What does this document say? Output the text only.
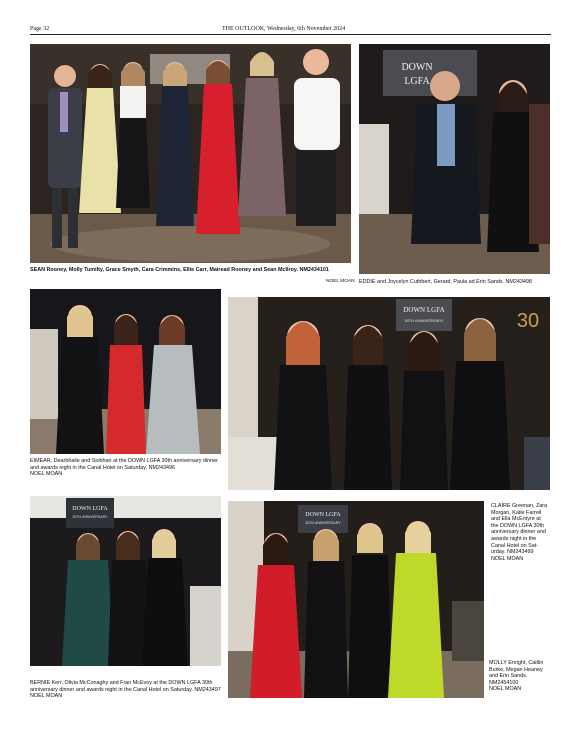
Page 32	THE OUTLOOK, Wednesday, 6th November 2024
SEAN Rooney, Molly Tumilty, Grace Smyth, Cara Crimmins, Ellie Carr, Mairead Rooney and Sean McIlroy. NM2434101
NOEL MOAN
DOWN
LGFA
EDDIE and Joycelyn Cuthbert, Gerard, Paula ad Erin Sands. NM243498
EIMEAR, Dearbhaile and Siobhan at the DOWN LGFA 30th anniversary dinner and awards night in the Canal Hotel on Saturday. NM243496
NOEL MOAN
DOWN LGFA
30TH ANNIVERSARY	30
DOWN LGFA
30TH ANNIVERSARY
BERNIE Kerr, Olivia McConaghy and Fran McEvoy at the DOWN LGFA 30th anniversary dinner and awards night in the Canal Hotel on Saturday. NM243497
NOEL MOAN
DOWN LGFA
30TH ANNIVERSARY
CLAIRE Greenan, Zara
Morgan, Katie Farrell
and Ella McEntyre at
the DOWN LGFA 30th
anniversary dinner and
awards night in the
Canal Hotel on Sat-
urday. NM243499
NOEL MOAN
MOLLY Enright, Caitlin
Burke, Megan Heaney
and Erin Sands.
NM2454100
NOEL MOAN
